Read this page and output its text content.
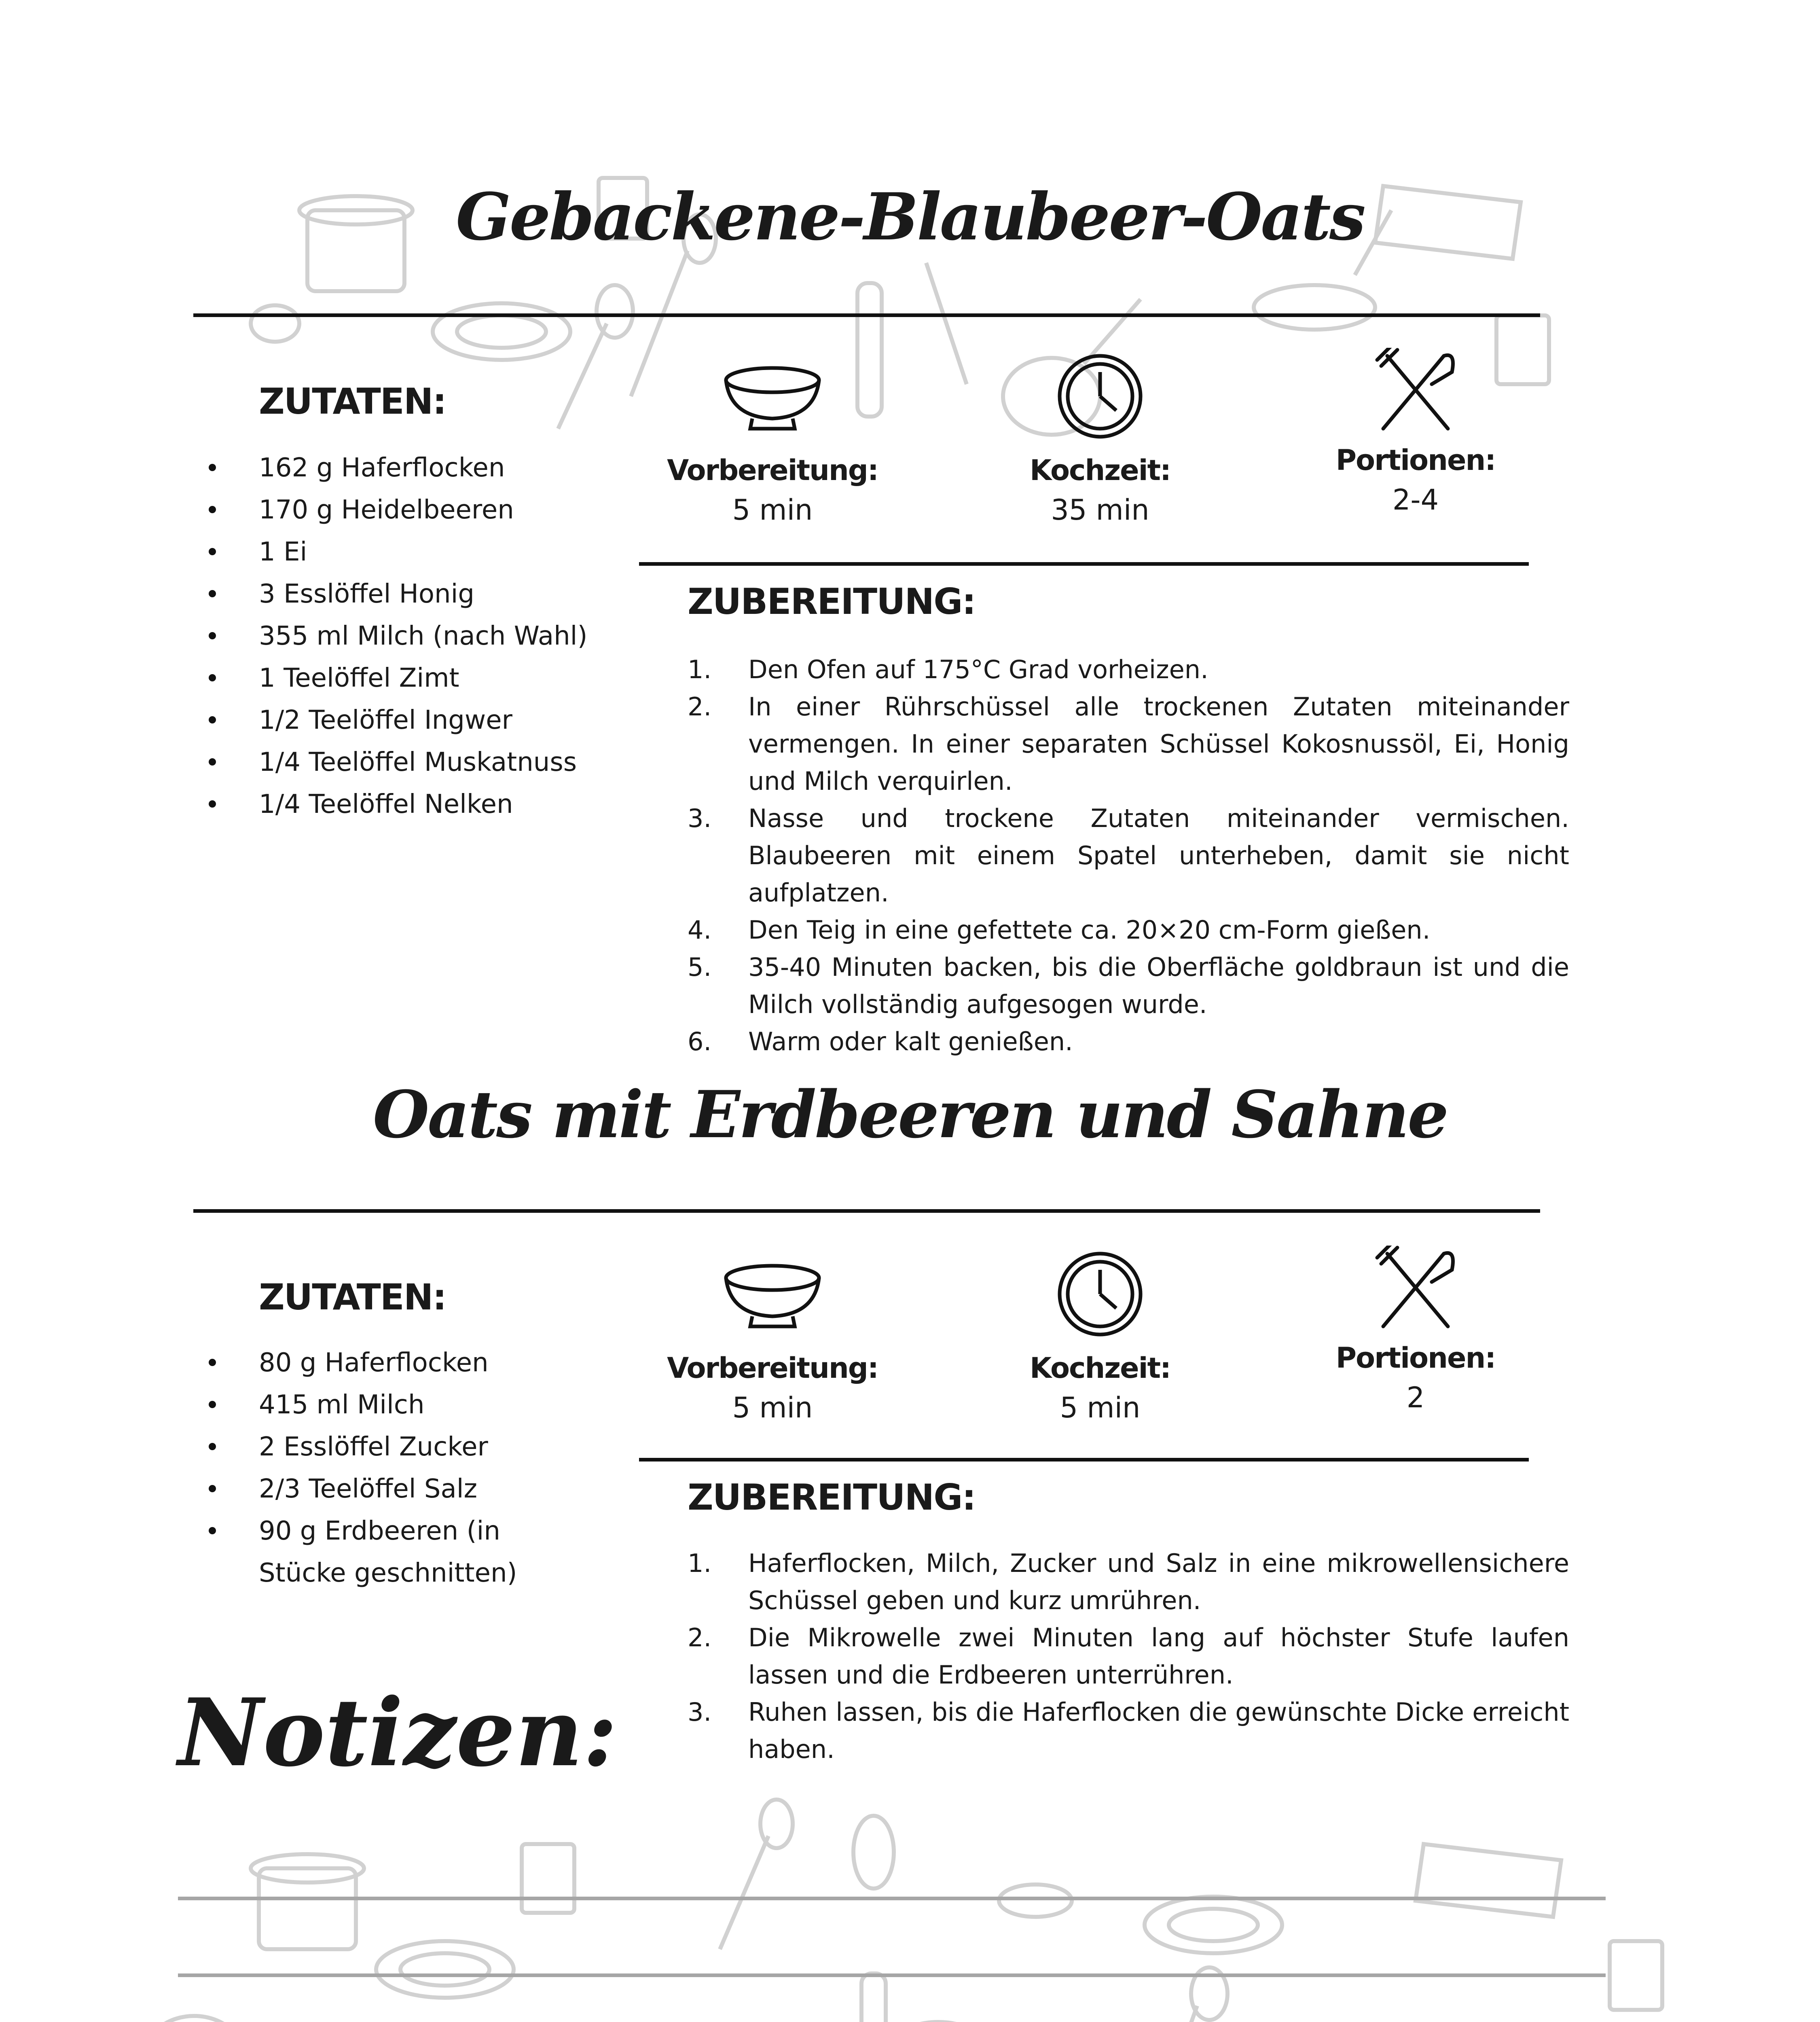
Gebackene-Blaubeer-Oats
ZUTATEN:
162 g Haferflocken
170 g Heidelbeeren
1 Ei
3 Esslöffel Honig
355 ml Milch (nach Wahl)
1 Teelöffel Zimt
1/2 Teelöffel Ingwer
1/4 Teelöffel Muskatnuss
1/4 Teelöffel Nelken
Vorbereitung:
5 min
Kochzeit:
35 min
Portionen:
2-4
ZUBEREITUNG:
1. Den Ofen auf 175°C Grad vorheizen.
2. In einer Rührschüssel alle trockenen Zutaten miteinander vermengen. In einer separaten Schüssel Kokosnussöl, Ei, Honig und Milch verquirlen.
3. Nasse und trockene Zutaten miteinander vermischen. Blaubeeren mit einem Spatel unterheben, damit sie nicht aufplatzen.
4. Den Teig in eine gefettete ca. 20×20 cm-Form gießen.
5. 35-40 Minuten backen, bis die Oberfläche goldbraun ist und die Milch vollständig aufgesogen wurde.
6. Warm oder kalt genießen.
Oats mit Erdbeeren und Sahne
ZUTATEN:
80 g Haferflocken
415 ml Milch
2 Esslöffel Zucker
2/3 Teelöffel Salz
90 g Erdbeeren (in Stücke geschnitten)
Vorbereitung:
5 min
Kochzeit:
5 min
Portionen:
2
ZUBEREITUNG:
1. Haferflocken, Milch, Zucker und Salz in eine mikrowellensichere Schüssel geben und kurz umrühren.
2. Die Mikrowelle zwei Minuten lang auf höchster Stufe laufen lassen und die Erdbeeren unterrühren.
3. Ruhen lassen, bis die Haferflocken die gewünschte Dicke erreicht haben.
Notizen:
